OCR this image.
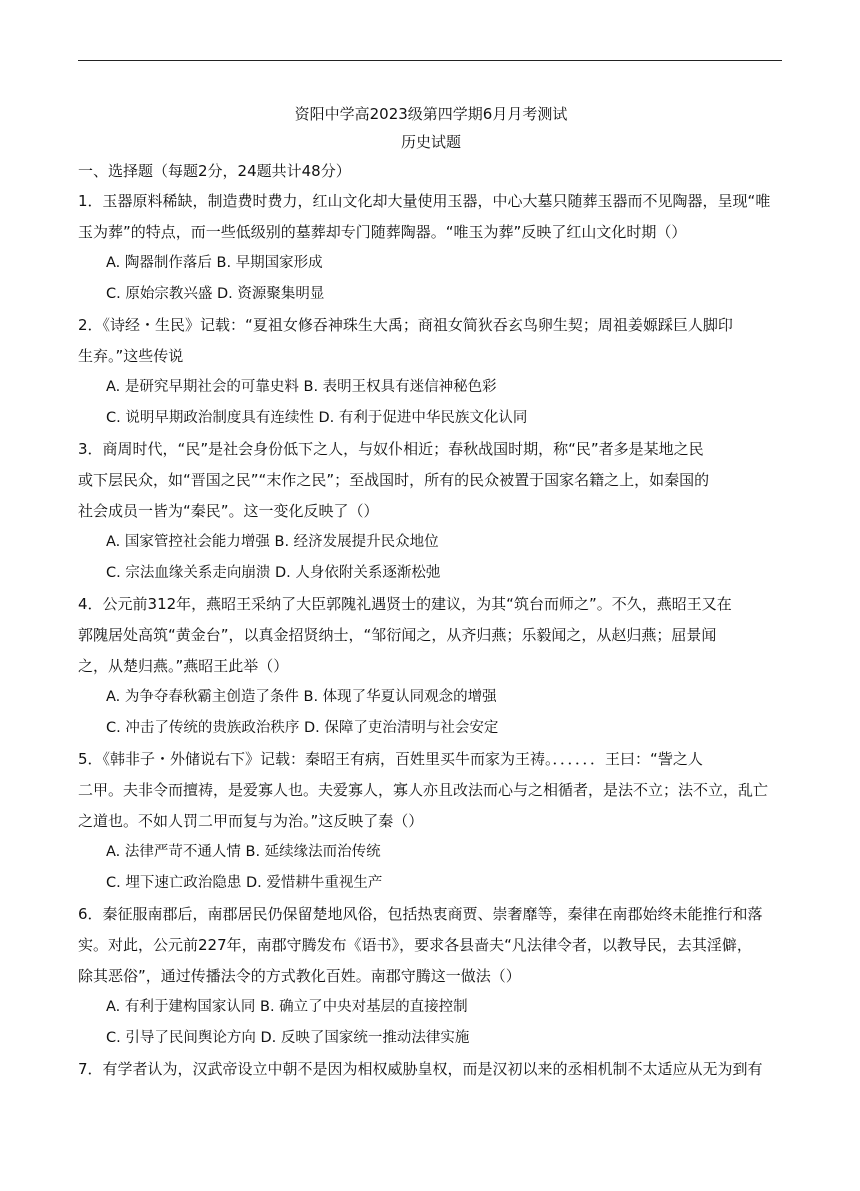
资阳中学高2023级第四学期6月月考测试

历史试题

一、选择题（每题2分，24题共计48分）

1．玉器原料稀缺，制造费时费力，红山文化却大量使用玉器，中心大墓只随葬玉器而不见陶器，呈现“唯
玉为葬”的特点，而一些低级别的墓葬却专门随葬陶器。“唯玉为葬”反映了红山文化时期（）
A. 陶器制作落后 B. 早期国家形成
C. 原始宗教兴盛 D. 资源聚集明显
2．《诗经・生民》记载：“夏祖女修吞神珠生大禹；商祖女简狄吞玄鸟卵生契；周祖姜嫄踩巨人脚印
生弃。”这些传说
A. 是研究早期社会的可靠史料 B. 表明王权具有迷信神秘色彩
C. 说明早期政治制度具有连续性 D. 有利于促进中华民族文化认同
3．商周时代，“民”是社会身份低下之人，与奴仆相近；春秋战国时期，称“民”者多是某地之民
或下层民众，如“晋国之民”“末作之民”；至战国时，所有的民众被置于国家名籍之上，如秦国的
社会成员一皆为“秦民”。这一变化反映了（）
A. 国家管控社会能力增强 B. 经济发展提升民众地位
C. 宗法血缘关系走向崩溃 D. 人身依附关系逐渐松弛
4．公元前312年，燕昭王采纳了大臣郭隗礼遇贤士的建议，为其“筑台而师之”。不久，燕昭王又在
郭隗居处高筑“黄金台”，以真金招贤纳士，“邹衍闻之，从齐归燕；乐毅闻之，从赵归燕；屈景闻
之，从楚归燕。”燕昭王此举（）
A. 为争夺春秋霸主创造了条件 B. 体现了华夏认同观念的增强
C. 冲击了传统的贵族政治秩序 D. 保障了吏治清明与社会安定
5．《韩非子・外储说右下》记载：秦昭王有病，百姓里买牛而家为王祷。．．．．．．王曰：“訾之人
二甲。夫非令而擅祷，是爱寡人也。夫爱寡人，寡人亦且改法而心与之相循者，是法不立；法不立，乱亡
之道也。不如人罚二甲而复与为治。”这反映了秦（）
A. 法律严苛不通人情 B. 延续缘法而治传统
C. 埋下速亡政治隐患 D. 爱惜耕牛重视生产
6．秦征服南郡后，南郡居民仍保留楚地风俗，包括热衷商贾、崇奢靡等，秦律在南郡始终未能推行和落
实。对此，公元前227年，南郡守腾发布《语书》，要求各县啬夫“凡法律令者，以教导民，去其淫僻，
除其恶俗”，通过传播法令的方式教化百姓。南郡守腾这一做法（）
A. 有利于建构国家认同 B. 确立了中央对基层的直接控制
C. 引导了民间舆论方向 D. 反映了国家统一推动法律实施
7．有学者认为，汉武帝设立中朝不是因为相权威胁皇权，而是汉初以来的丞相机制不太适应从无为到有
